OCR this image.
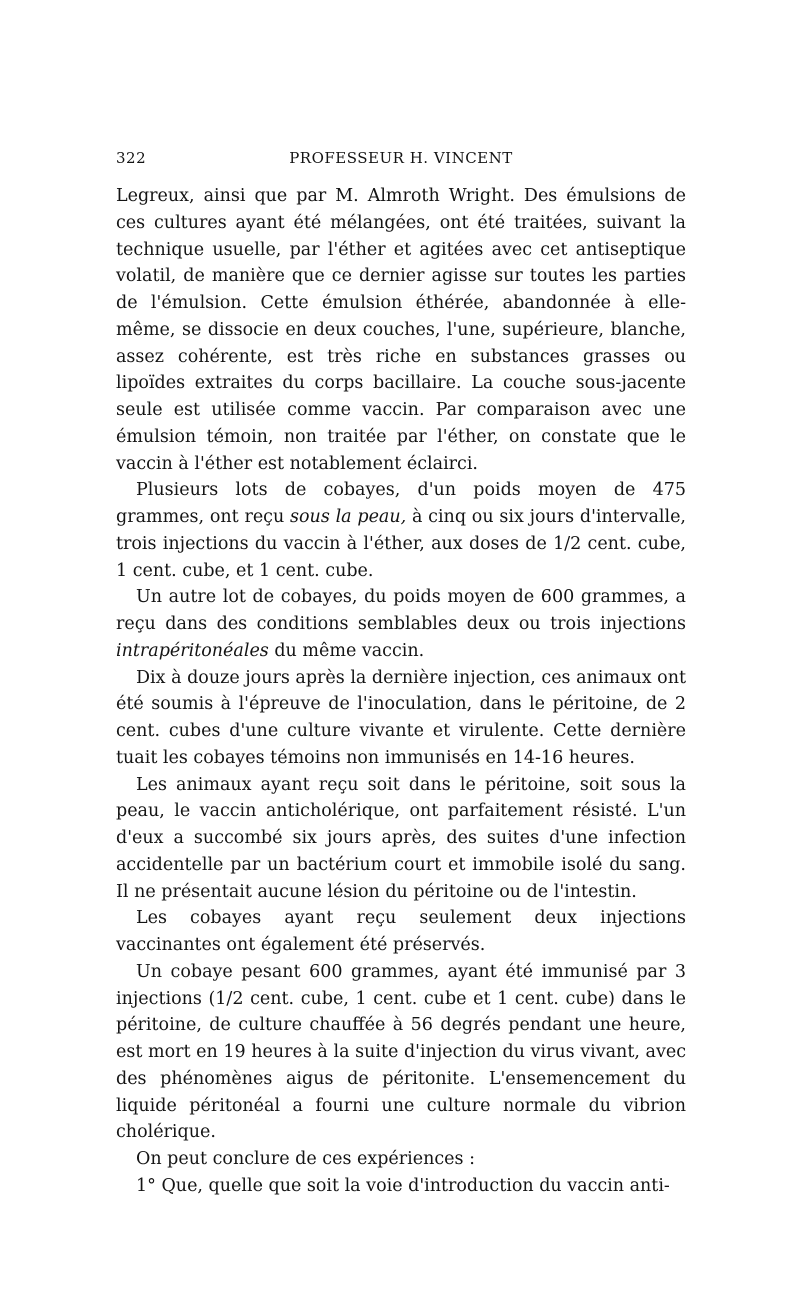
322	PROFESSEUR H. VINCENT

Legreux, ainsi que par M. Almroth Wright. Des émulsions de ces cultures ayant été mélangées, ont été traitées, suivant la technique usuelle, par l'éther et agitées avec cet antiseptique volatil, de manière que ce dernier agisse sur toutes les parties de l'émulsion. Cette émulsion éthérée, abandonnée à elle-même, se dissocie en deux couches, l'une, supérieure, blanche, assez cohérente, est très riche en substances grasses ou lipoïdes extraites du corps bacillaire. La couche sous-jacente seule est utilisée comme vaccin. Par comparaison avec une émulsion témoin, non traitée par l'éther, on constate que le vaccin à l'éther est notablement éclairci.

Plusieurs lots de cobayes, d'un poids moyen de 475 grammes, ont reçu sous la peau, à cinq ou six jours d'intervalle, trois injections du vaccin à l'éther, aux doses de 1/2 cent. cube, 1 cent. cube, et 1 cent. cube.

Un autre lot de cobayes, du poids moyen de 600 grammes, a reçu dans des conditions semblables deux ou trois injections intrapéritonéales du même vaccin.

Dix à douze jours après la dernière injection, ces animaux ont été soumis à l'épreuve de l'inoculation, dans le péritoine, de 2 cent. cubes d'une culture vivante et virulente. Cette dernière tuait les cobayes témoins non immunisés en 14-16 heures.

Les animaux ayant reçu soit dans le péritoine, soit sous la peau, le vaccin anticholérique, ont parfaitement résisté. L'un d'eux a succombé six jours après, des suites d'une infection accidentelle par un bactérium court et immobile isolé du sang. Il ne présentait aucune lésion du péritoine ou de l'intestin.

Les cobayes ayant reçu seulement deux injections vaccinantes ont également été préservés.

Un cobaye pesant 600 grammes, ayant été immunisé par 3 injections (1/2 cent. cube, 1 cent. cube et 1 cent. cube) dans le péritoine, de culture chauffée à 56 degrés pendant une heure, est mort en 19 heures à la suite d'injection du virus vivant, avec des phénomènes aigus de péritonite. L'ensemencement du liquide péritonéal a fourni une culture normale du vibrion cholérique.

On peut conclure de ces expériences :

1° Que, quelle que soit la voie d'introduction du vaccin anti-
